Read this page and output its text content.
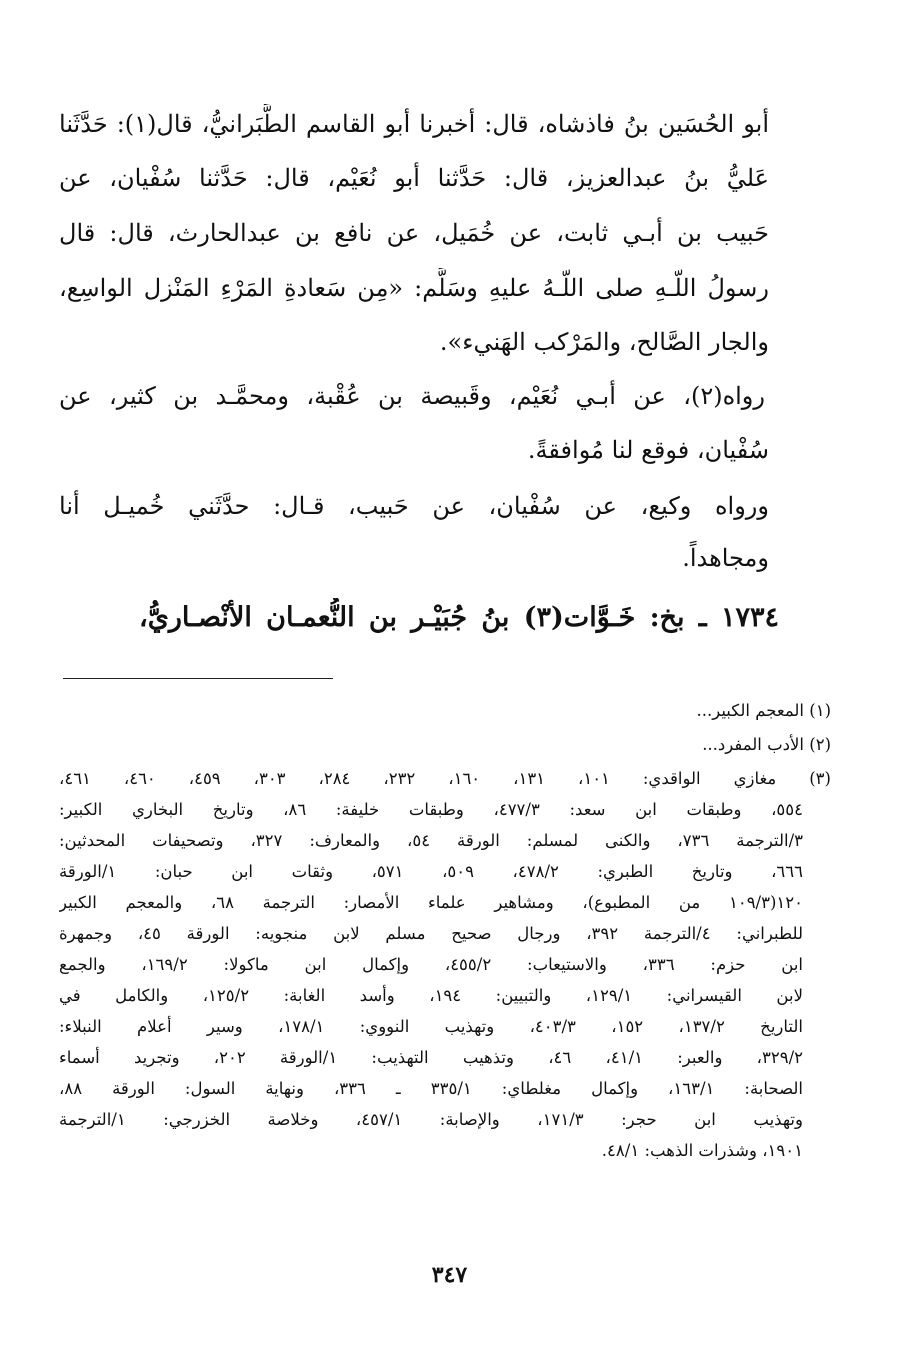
أبو الحُسَين بنُ فاذشاه، قال: أخبرنا أبو القاسم الطَّبَرانيُّ، قال(١): حَدَّثَنا

عَليُّ بنُ عبدالعزيز، قال: حَدَّثنا أبو نُعَيْم، قال: حَدَّثنا سُفْيان، عن

حَبيب بن أبـي ثابت، عن خُمَيل، عن نافع بن عبدالحارث، قال: قال

رسولُ اللّـهِ صلى اللّـهُ عليهِ وسَلَّم: «مِن سَعادةِ المَرْءِ المَنْزل الواسِع،

والجار الصَّالح، والمَرْكب الهَنيء».

رواه(٢)، عن أبـي نُعَيْم، وقَبيصة بن عُقْبة، ومحمَّـد بن كثير، عن

سُفْيان، فوقع لنا مُوافقةً.

ورواه وكيع، عن سُفْيان، عن حَبيب، قـال: حدَّثَني خُميـل أنا

ومجاهداً.

١٧٣٤ ـ بخ: خَـوَّات(٣) بنُ جُبَيْـر بن النُّعمـان الأنْصـاريُّ،

(١) المعجم الكبير...

(٢) الأدب المفرد...

(٣) مغازي الواقدي: ١٠١، ١٣١، ١٦٠، ٢٣٢، ٢٨٤، ٣٠٣، ٤٥٩، ٤٦٠، ٤٦١،

٥٥٤، وطبقات ابن سعد: ٤٧٧/٣، وطبقات خليفة: ٨٦، وتاريخ البخاري الكبير:

٣/الترجمة ٧٣٦، والكنى لمسلم: الورقة ٥٤، والمعارف: ٣٢٧، وتصحيفات المحدثين:

٦٦٦، وتاريخ الطبري: ٤٧٨/٢، ٥٠٩، ٥٧١، وثقات ابن حبان: ١/الورقة

١٢٠(١٠٩/٣ من المطبوع)، ومشاهير علماء الأمصار: الترجمة ٦٨، والمعجم الكبير

للطبراني: ٤/الترجمة ٣٩٢، ورجال صحيح مسلم لابن منجويه: الورقة ٤٥، وجمهرة

ابن حزم: ٣٣٦، والاستيعاب: ٤٥٥/٢، وإكمال ابن ماكولا: ١٦٩/٢، والجمع

لابن القيسراني: ١٢٩/١، والتبيين: ١٩٤، وأسد الغابة: ١٢٥/٢، والكامل في

التاريخ ١٣٧/٢، ١٥٢، ٤٠٣/٣، وتهذيب النووي: ١٧٨/١، وسير أعلام النبلاء:

٣٢٩/٢، والعبر: ٤١/١، ٤٦، وتذهيب التهذيب: ١/الورقة ٢٠٢، وتجريد أسماء

الصحابة: ١٦٣/١، وإكمال مغلطاي: ٣٣٥/١ ـ ٣٣٦، ونهاية السول: الورقة ٨٨،

وتهذيب ابن حجر: ١٧١/٣، والإصابة: ٤٥٧/١، وخلاصة الخزرجي: ١/الترجمة

١٩٠١، وشذرات الذهب: ٤٨/١.

٣٤٧
